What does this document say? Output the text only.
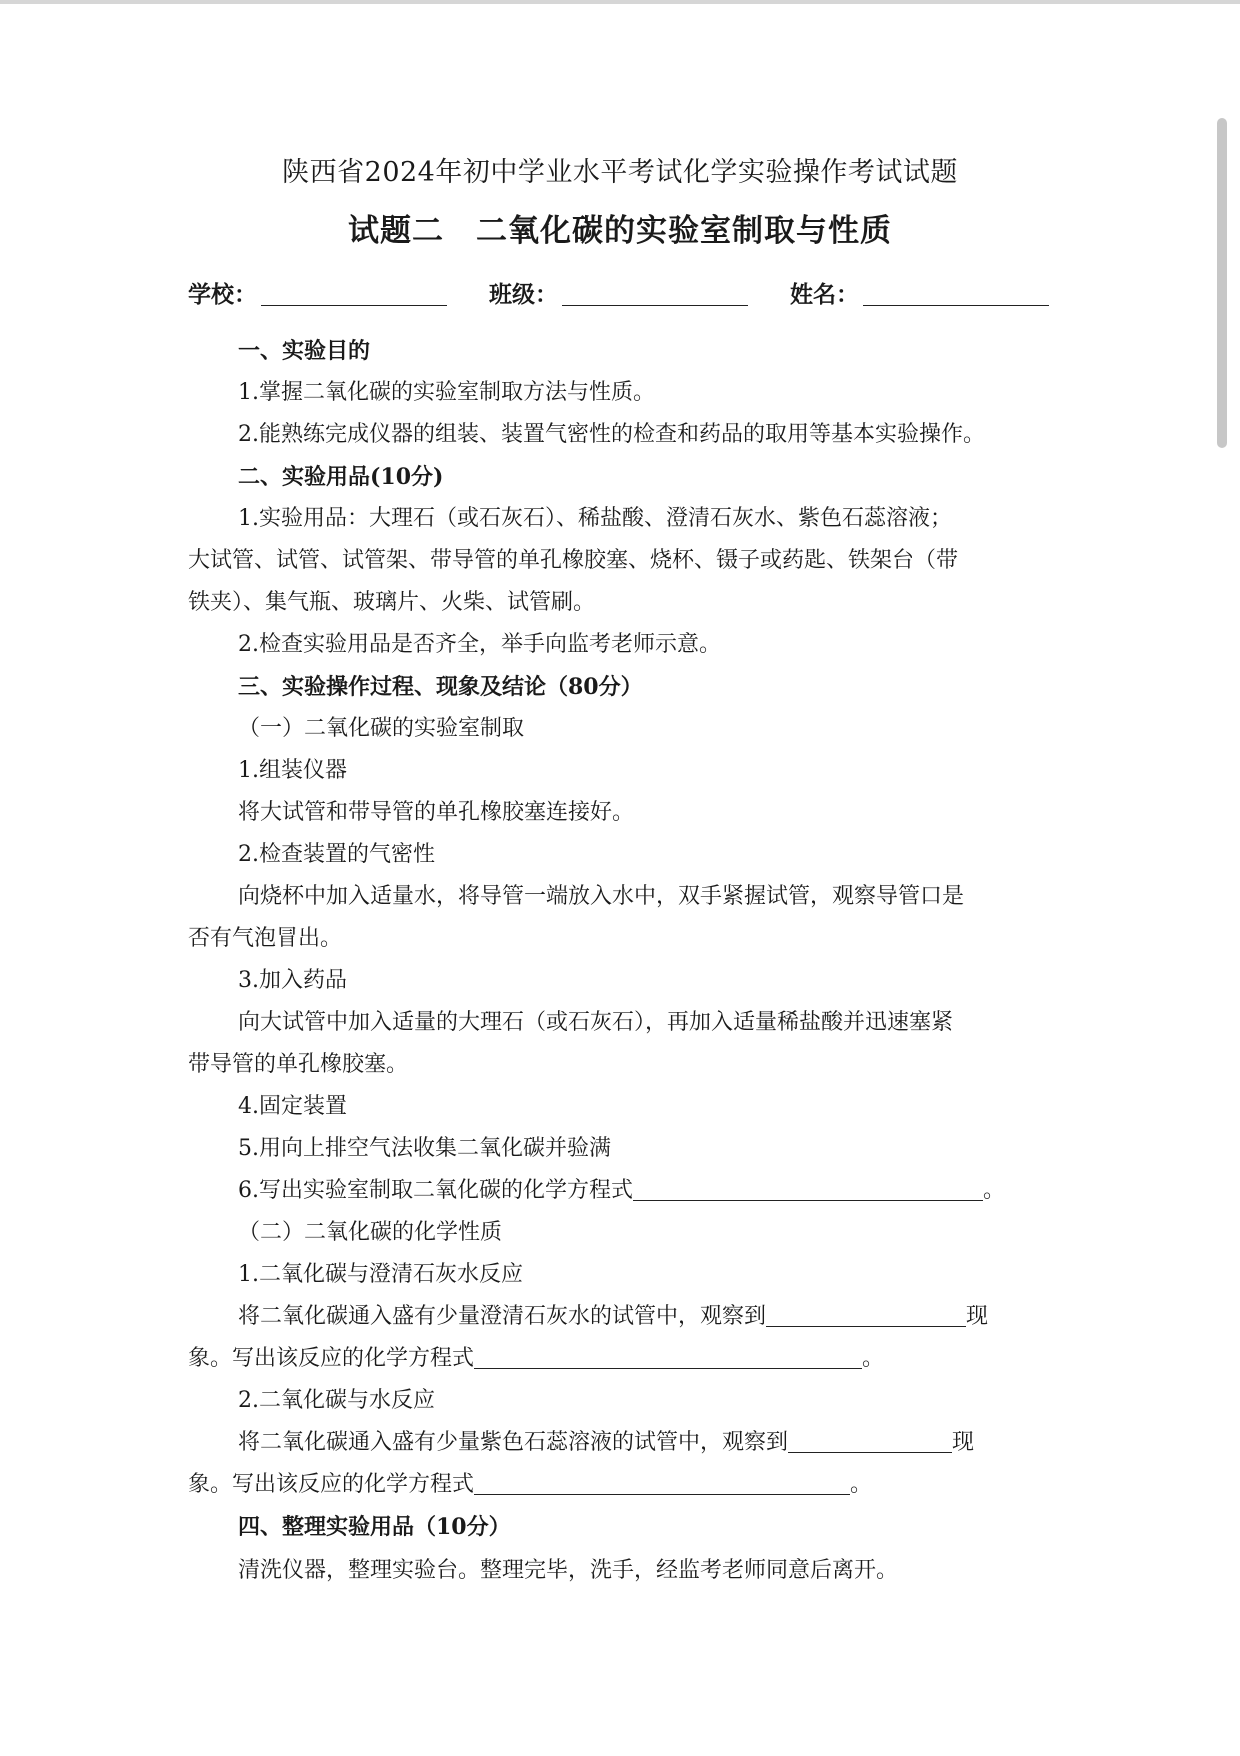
陕西省2024年初中学业水平考试化学实验操作考试试题
试题二 二氧化碳的实验室制取与性质
学校：	班级：	姓名：
一、实验目的
1.掌握二氧化碳的实验室制取方法与性质。
2.能熟练完成仪器的组装、装置气密性的检查和药品的取用等基本实验操作。
二、实验用品(10分)
1.实验用品：大理石（或石灰石）、稀盐酸、澄清石灰水、紫色石蕊溶液；
大试管、试管、试管架、带导管的单孔橡胶塞、烧杯、镊子或药匙、铁架台（带
铁夹）、集气瓶、玻璃片、火柴、试管刷。
2.检查实验用品是否齐全，举手向监考老师示意。
三、实验操作过程、现象及结论（80分）
（一）二氧化碳的实验室制取
1.组装仪器
将大试管和带导管的单孔橡胶塞连接好。
2.检查装置的气密性
向烧杯中加入适量水，将导管一端放入水中，双手紧握试管，观察导管口是
否有气泡冒出。
3.加入药品
向大试管中加入适量的大理石（或石灰石），再加入适量稀盐酸并迅速塞紧
带导管的单孔橡胶塞。
4.固定装置
5.用向上排空气法收集二氧化碳并验满
6.写出实验室制取二氧化碳的化学方程式	。
（二）二氧化碳的化学性质
1.二氧化碳与澄清石灰水反应
将二氧化碳通入盛有少量澄清石灰水的试管中，观察到	现
象。写出该反应的化学方程式	。
2.二氧化碳与水反应
将二氧化碳通入盛有少量紫色石蕊溶液的试管中，观察到	现
象。写出该反应的化学方程式	。
四、整理实验用品（10分）
清洗仪器，整理实验台。整理完毕，洗手，经监考老师同意后离开。
